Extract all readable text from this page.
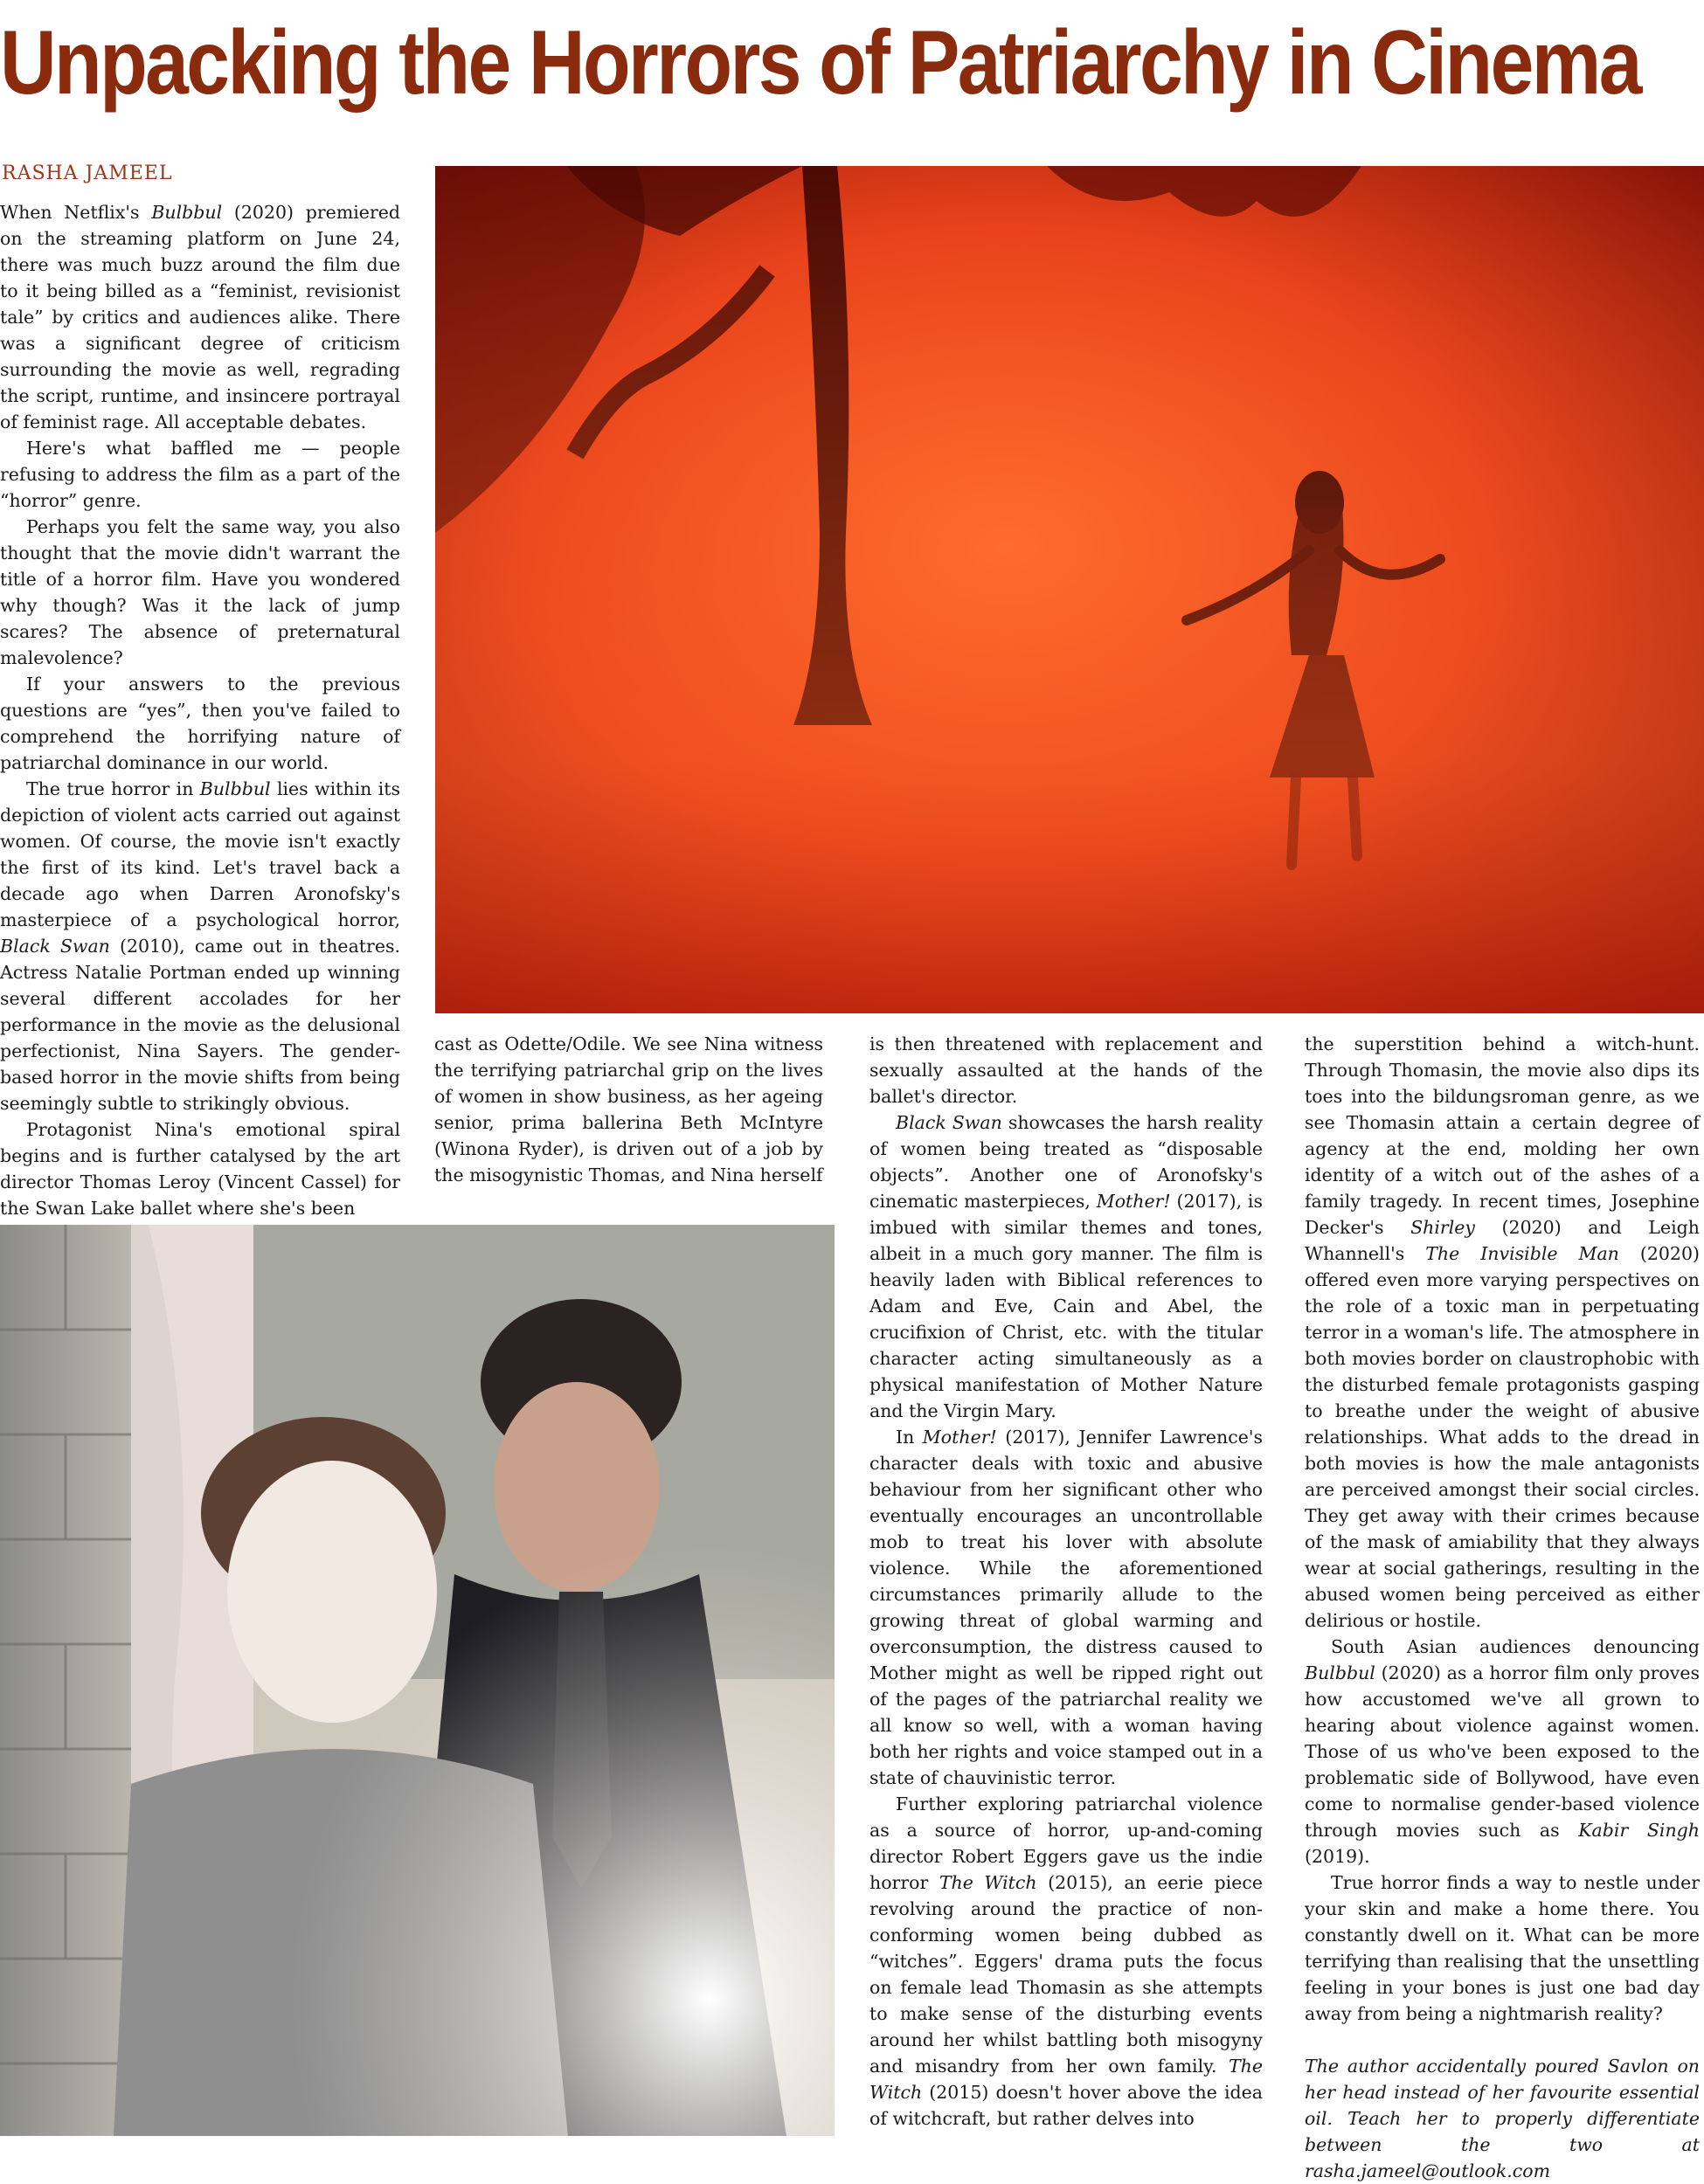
Unpacking the Horrors of Patriarchy in Cinema
RASHA JAMEEL

When Netflix's Bulbbul (2020) premiered on the streaming platform on June 24, there was much buzz around the film due to it being billed as a “feminist, revisionist tale” by critics and audiences alike. There was a significant degree of criticism surrounding the movie as well, regrading the script, runtime, and insincere portrayal of feminist rage. All acceptable debates.

Here's what baffled me — people refusing to address the film as a part of the “horror” genre.

Perhaps you felt the same way, you also thought that the movie didn't warrant the title of a horror film. Have you wondered why though? Was it the lack of jump scares? The absence of preternatural malevolence?

If your answers to the previous questions are “yes”, then you've failed to comprehend the horrifying nature of patriarchal dominance in our world.

The true horror in Bulbbul lies within its depiction of violent acts carried out against women. Of course, the movie isn't exactly the first of its kind. Let's travel back a decade ago when Darren Aronofsky's masterpiece of a psychological horror, Black Swan (2010), came out in theatres. Actress Natalie Portman ended up winning several different accolades for her performance in the movie as the delusional perfectionist, Nina Sayers. The gender-based horror in the movie shifts from being seemingly subtle to strikingly obvious.

Protagonist Nina's emotional spiral begins and is further catalysed by the art director Thomas Leroy (Vincent Cassel) for the Swan Lake ballet where she's been

cast as Odette/Odile. We see Nina witness the terrifying patriarchal grip on the lives of women in show business, as her ageing senior, prima ballerina Beth McIntyre (Winona Ryder), is driven out of a job by the misogynistic Thomas, and Nina herself

is then threatened with replacement and sexually assaulted at the hands of the ballet's director.

Black Swan showcases the harsh reality of women being treated as “disposable objects”. Another one of Aronofsky's cinematic masterpieces, Mother! (2017), is imbued with similar themes and tones, albeit in a much gory manner. The film is heavily laden with Biblical references to Adam and Eve, Cain and Abel, the crucifixion of Christ, etc. with the titular character acting simultaneously as a physical manifestation of Mother Nature and the Virgin Mary.

In Mother! (2017), Jennifer Lawrence's character deals with toxic and abusive behaviour from her significant other who eventually encourages an uncontrollable mob to treat his lover with absolute violence. While the aforementioned circumstances primarily allude to the growing threat of global warming and overconsumption, the distress caused to Mother might as well be ripped right out of the pages of the patriarchal reality we all know so well, with a woman having both her rights and voice stamped out in a state of chauvinistic terror.

Further exploring patriarchal violence as a source of horror, up-and-coming director Robert Eggers gave us the indie horror The Witch (2015), an eerie piece revolving around the practice of non-conforming women being dubbed as “witches”. Eggers' drama puts the focus on female lead Thomasin as she attempts to make sense of the disturbing events around her whilst battling both misogyny and misandry from her own family. The Witch (2015) doesn't hover above the idea of witchcraft, but rather delves into

the superstition behind a witch-hunt. Through Thomasin, the movie also dips its toes into the bildungsroman genre, as we see Thomasin attain a certain degree of agency at the end, molding her own identity of a witch out of the ashes of a family tragedy. In recent times, Josephine Decker's Shirley (2020) and Leigh Whannell's The Invisible Man (2020) offered even more varying perspectives on the role of a toxic man in perpetuating terror in a woman's life. The atmosphere in both movies border on claustrophobic with the disturbed female protagonists gasping to breathe under the weight of abusive relationships. What adds to the dread in both movies is how the male antagonists are perceived amongst their social circles. They get away with their crimes because of the mask of amiability that they always wear at social gatherings, resulting in the abused women being perceived as either delirious or hostile.

South Asian audiences denouncing Bulbbul (2020) as a horror film only proves how accustomed we've all grown to hearing about violence against women. Those of us who've been exposed to the problematic side of Bollywood, have even come to normalise gender-based violence through movies such as Kabir Singh (2019).

True horror finds a way to nestle under your skin and make a home there. You constantly dwell on it. What can be more terrifying than realising that the unsettling feeling in your bones is just one bad day away from being a nightmarish reality?

The author accidentally poured Savlon on her head instead of her favourite essential oil. Teach her to properly differentiate between the two at rasha.jameel@outlook.com
